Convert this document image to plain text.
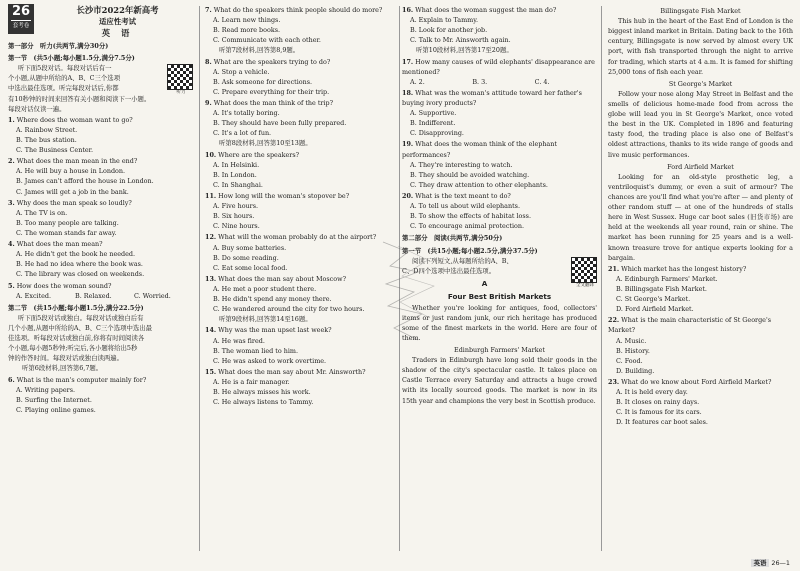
26
套考卷
长沙市2022年新高考
适应性考试
英 语
第一部分　听力(共两节,满分30分)
第一节　(共5小题;每小题1.5分,满分7.5分)
听力
听下面5段对话。每段对话后有一
个小题,从题中所给的A、B、C三个选项
中选出最佳选项。听完每段对话后,你都
有10秒钟的时间来回答有关小题和阅读下一小题。
每段对话仅读一遍。
1. Where does the woman want to go?
A. Rainbow Street.
B. The bus station.
C. The Business Center.
2. What does the man mean in the end?
A. He will buy a house in London.
B. James can't afford the house in London.
C. James will get a job in the bank.
3. Why does the man speak so loudly?
A. The TV is on.
B. Too many people are talking.
C. The woman stands far away.
4. What does the man mean?
A. He didn't get the book he needed.
B. He had no idea where the book was.
C. The library was closed on weekends.
5. How does the woman sound?
A. Excited.	B. Relaxed.	C. Worried.
第二节　(共15小题;每小题1.5分,满分22.5分)
听下面5段对话或独白。每段对话或独白后有
几个小题,从题中所给的A、B、C三个选项中选出最
佳选项。听每段对话或独白前,你将有时间阅读各
个小题,每小题5秒钟;听完后,各小题将给出5秒
钟的作答时间。每段对话或独白读两遍。
听第6段材料,回答第6,7题。
6. What is the man's computer mainly for?
A. Writing papers.
B. Surfing the Internet.
C. Playing online games.
7. What do the speakers think people should do more?
A. Learn new things.
B. Read more books.
C. Communicate with each other.
听第7段材料,回答第8,9题。
8. What are the speakers trying to do?
A. Stop a vehicle.
B. Ask someone for directions.
C. Prepare everything for their trip.
9. What does the man think of the trip?
A. It's totally boring.
B. They should have been fully prepared.
C. It's a lot of fun.
听第8段材料,回答第10至13题。
10. Where are the speakers?
A. In Helsinki.
B. In London.
C. In Shanghai.
11. How long will the woman's stopover be?
A. Five hours.
B. Six hours.
C. Nine hours.
12. What will the woman probably do at the airport?
A. Buy some batteries.
B. Do some reading.
C. Eat some local food.
13. What does the man say about Moscow?
A. He met a poor student there.
B. He didn't spend any money there.
C. He wandered around the city for two hours.
听第9段材料,回答第14至16题。
14. Why was the man upset last week?
A. He was fired.
B. The woman lied to him.
C. He was asked to work overtime.
15. What does the man say about Mr. Ainsworth?
A. He is a fair manager.
B. He always misses his work.
C. He always listens to Tammy.
16. What does the woman suggest the man do?
A. Explain to Tammy.
B. Look for another job.
C. Talk to Mr. Ainsworth again.
听第10段材料,回答第17至20题。
17. How many causes of wild elephants' disappearance are mentioned?
A. 2.	B. 3.	C. 4.
18. What was the woman's attitude toward her father's buying ivory products?
A. Supportive.
B. Indifferent.
C. Disapproving.
19. What does the woman think of the elephant performances?
A. They're interesting to watch.
B. They should be avoided watching.
C. They draw attention to other elephants.
20. What is the text meant to do?
A. To tell us about wild elephants.
B. To show the effects of habitat loss.
C. To encourage animal protection.
第二部分　阅读(共两节,满分50分)
第一节　(共15小题;每小题2.5分,满分37.5分)
全文翻译
阅读下列短文,从每题所给的A、B、
C、D四个选项中选出最佳选项。
A
Four Best British Markets
Whether you're looking for antiques, food, collectors' items or just random junk, our rich heritage has produced some of the finest markets in the world. Here are four of them.
Edinburgh Farmers' Market
Traders in Edinburgh have long sold their goods in the shadow of the city's spectacular castle. It takes place on Castle Terrace every Saturday and attracts a huge crowd with its locally sourced goods. The market is now in its 15th year and champions the very best in Scottish produce.
Billingsgate Fish Market
This hub in the heart of the East End of London is the biggest inland market in Britain. Dating back to the 16th century, Billingsgate is now served by almost every UK port, with fish transported through the night to arrive for trading, which starts at 4 a.m. It is famed for shifting 25,000 tons of fish each year.
St George's Market
Follow your nose along May Street in Belfast and the smells of delicious home-made food from across the globe will lead you in St George's Market, once voted the best in the UK. Completed in 1896 and featuring tasty food, the trading place is also one of Belfast's oldest attractions, thanks to its wide range of goods and live music performances.
Ford Airfield Market
Looking for an old-style prosthetic leg, a ventriloquist's dummy, or even a suit of armour? The chances are you'll find what you're after — and plenty of other random stuff — at one of the hundreds of stalls here in West Sussex. Huge car boot sales (旧货市场) are held at the weekends all year round, rain or shine. The market has been running for 25 years and is a well-known treasure trove for antique experts looking for a bargain.
21. Which market has the longest history?
A. Edinburgh Farmers' Market.
B. Billingsgate Fish Market.
C. St George's Market.
D. Ford Airfield Market.
22. What is the main characteristic of St George's Market?
A. Music.
B. History.
C. Food.
D. Building.
23. What do we know about Ford Airfield Market?
A. It is held every day.
B. It closes on rainy days.
C. It is famous for its cars.
D. It features car boot sales.
英语 26—1
